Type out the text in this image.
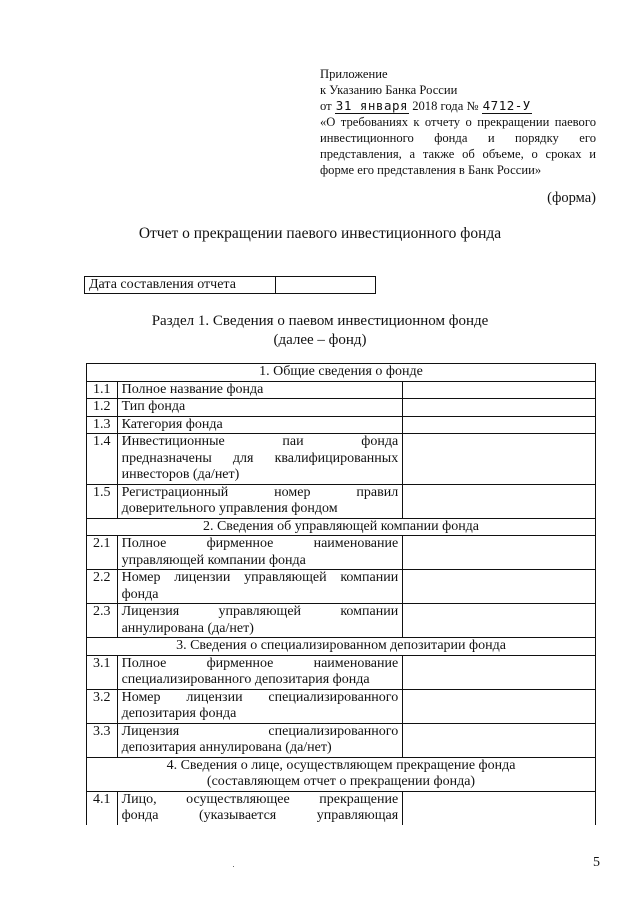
Приложение
к Указанию Банка России
от 31 января 2018 года № 4712-У
«О требованиях к отчету о прекращении паевого
инвестиционного фонда и порядку его
представления, а также об объеме, о сроках и
форме его представления в Банк России»
(форма)
Отчет о прекращении паевого инвестиционного фонда
Дата составления отчета	
Раздел 1. Сведения о паевом инвестиционном фонде
(далее – фонд)
1. Общие сведения о фонде		
1.1	Полное название фонда	

1.2	Тип фонда	

1.3	Категория фонда	

1.4	Инвестиционные паи фонда
предназначены для квалифицированных
инвесторов (да/нет)	

1.5	Регистрационный номер правил
доверительного управления фондом	

2. Сведения об управляющей компании фонда		
2.1	Полное фирменное наименование
управляющей компании фонда	

2.2	Номер лицензии управляющей компании
фонда	

2.3	Лицензия управляющей компании
аннулирована (да/нет)	

3. Сведения о специализированном депозитарии фонда		
3.1	Полное фирменное наименование
специализированного депозитария фонда	

3.2	Номер лицензии специализированного
депозитария фонда	

3.3	Лицензия специализированного
депозитария аннулирована (да/нет)	

4. Сведения о лице, осуществляющем прекращение фонда
(составляющем отчет о прекращении фонда)		

4.1	Лицо, осуществляющее прекращение
фонда (указывается управляющая	

5
